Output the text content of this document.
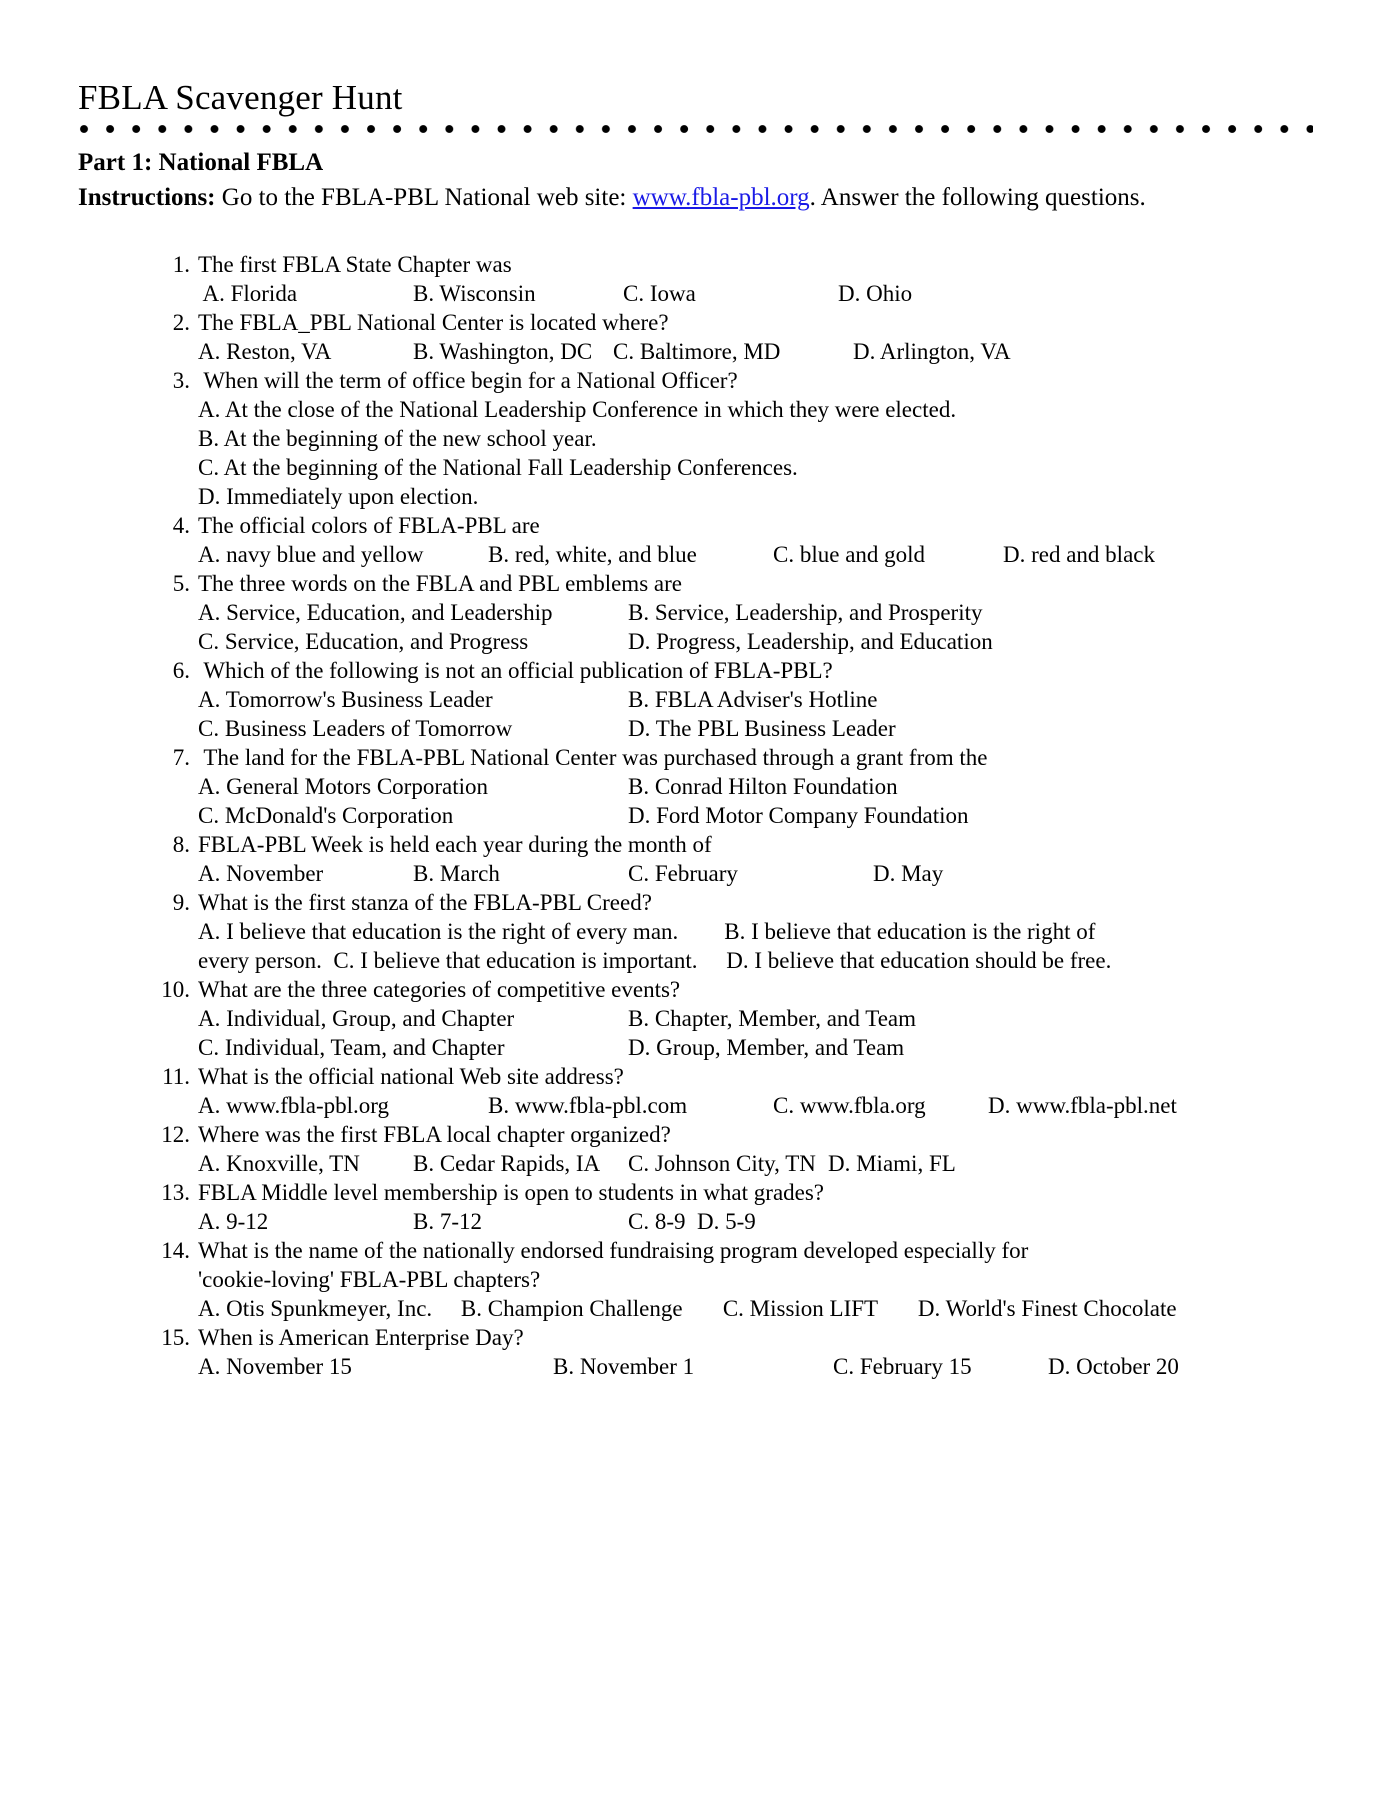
FBLA Scavenger Hunt
Part 1: National FBLA

Instructions: Go to the FBLA-PBL National web site: www.fbla-pbl.org. Answer the following questions.

The first FBLA State Chapter was
A. Florida	B. Wisconsin	C. Iowa	D. Ohio
The FBLA_PBL National Center is located where?
A. Reston, VA	B. Washington, DC C. Baltimore, MD	D. Arlington, VA
When will the term of office begin for a National Officer?
A. At the close of the National Leadership Conference in which they were elected.
B. At the beginning of the new school year.
C. At the beginning of the National Fall Leadership Conferences.
D. Immediately upon election.
The official colors of FBLA-PBL are
A. navy blue and yellow	B. red, white, and blue	C. blue and gold	D. red and black
The three words on the FBLA and PBL emblems are
A. Service, Education, and Leadership	B. Service, Leadership, and Prosperity
C. Service, Education, and Progress	D. Progress, Leadership, and Education
Which of the following is not an official publication of FBLA-PBL?
A. Tomorrow's Business Leader	B. FBLA Adviser's Hotline
C. Business Leaders of Tomorrow	D. The PBL Business Leader
The land for the FBLA-PBL National Center was purchased through a grant from the
A. General Motors Corporation	B. Conrad Hilton Foundation
C. McDonald's Corporation	D. Ford Motor Company Foundation
FBLA-PBL Week is held each year during the month of
A. November	B. March	C. February	D. May
What is the first stanza of the FBLA-PBL Creed?
A. I believe that education is the right of every man.        B. I believe that education is the right of
every person.  C. I believe that education is important.     D. I believe that education should be free.
What are the three categories of competitive events?
A. Individual, Group, and Chapter	B. Chapter, Member, and Team
C. Individual, Team, and Chapter	D. Group, Member, and Team
What is the official national Web site address?
A. www.fbla-pbl.org	B. www.fbla-pbl.com	C. www.fbla.org	D. www.fbla-pbl.net
Where was the first FBLA local chapter organized?
A. Knoxville, TN B. Cedar Rapids, IA C. Johnson City, TN D. Miami, FL
FBLA Middle level membership is open to students in what grades?
A. 9-12	B. 7-12	C. 8-9  D. 5-9
What is the name of the nationally endorsed fundraising program developed especially for
'cookie-loving' FBLA-PBL chapters?
A. Otis Spunkmeyer, Inc.     B. Champion Challenge       C. Mission LIFT       D. World's Finest Chocolate
When is American Enterprise Day?
A. November 15	B. November 1	C. February 15	D. October 20
